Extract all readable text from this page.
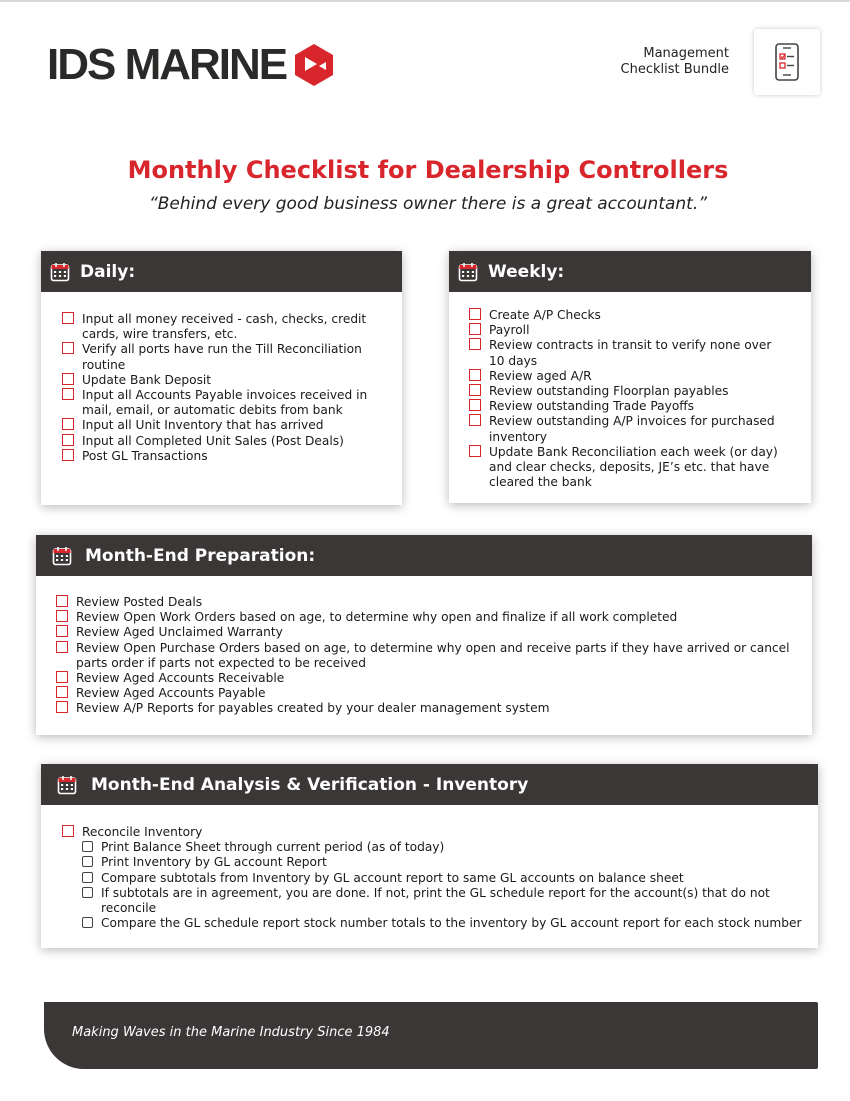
IDS MARINE	Management
Checklist Bundle
Monthly Checklist for Dealership Controllers
“Behind every good business owner there is a great accountant.”
Daily:
Input all money received - cash, checks, credit cards, wire transfers, etc.
Verify all ports have run the Till Reconciliation routine
Update Bank Deposit
Input all Accounts Payable invoices received in mail, email, or automatic debits from bank
Input all Unit Inventory that has arrived
Input all Completed Unit Sales (Post Deals)
Post GL Transactions
Weekly:
Create A/P Checks
Payroll
Review contracts in transit to verify none over 10 days
Review aged A/R
Review outstanding Floorplan payables
Review outstanding Trade Payoffs
Review outstanding A/P invoices for purchased inventory
Update Bank Reconciliation each week (or day) and clear checks, deposits, JE’s etc. that have cleared the bank
Month-End Preparation:
Review Posted Deals
Review Open Work Orders based on age, to determine why open and finalize if all work completed
Review Aged Unclaimed Warranty
Review Open Purchase Orders based on age, to determine why open and receive parts if they have arrived or cancel parts order if parts not expected to be received
Review Aged Accounts Receivable
Review Aged Accounts Payable
Review A/P Reports for payables created by your dealer management system
Month-End Analysis & Verification - Inventory
Reconcile Inventory
Print Balance Sheet through current period (as of today)
Print Inventory by GL account Report
Compare subtotals from Inventory by GL account report to same GL accounts on balance sheet
If subtotals are in agreement, you are done. If not, print the GL schedule report for the account(s) that do not reconcile
Compare the GL schedule report stock number totals to the inventory by GL account report for each stock number
Making Waves in the Marine Industry Since 1984
